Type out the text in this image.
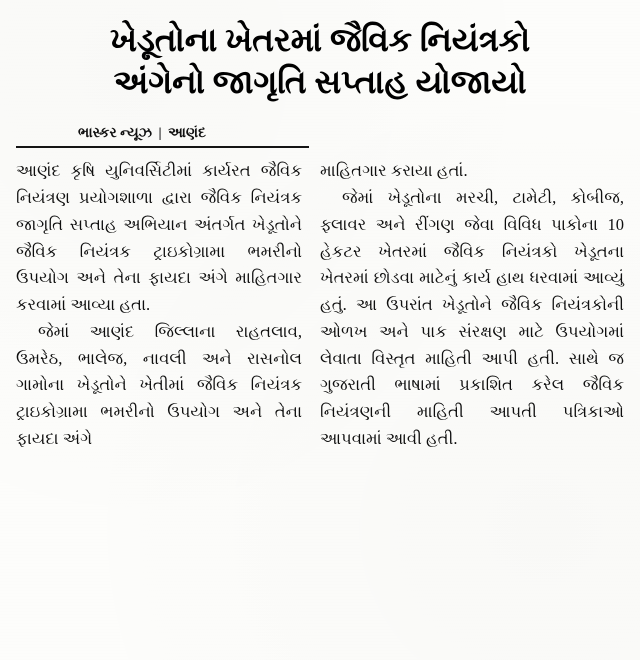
ખેડૂતોના ખેતરમાં જૈવિક નિયંત્રકો
અંગેનો જાગૃતિ સપ્તાહ યોજાયો
ભાસ્કર ન્યૂઝ | આણંદ

આણંદ કૃષિ યુનિવર્સિટીમાં કાર્યરત જૈવિક નિયંત્રણ પ્રયોગશાળા દ્વારા જૈવિક નિયંત્રક જાગૃતિ સપ્તાહ અભિયાન અંતર્ગત ખેડૂતોને જૈવિક નિયંત્રક ટ્રાઇકોગ્રામા ભમરીનો ઉપયોગ અને તેના ફાયદા અંગે માહિતગાર કરવામાં આવ્યા હતા.

જેમાં આણંદ જિલ્લાના રાહતલાવ, ઉમરેઠ, ભાલેજ, નાવલી અને રાસનોલ ગામોના ખેડૂતોને ખેતીમાં જૈવિક નિયંત્રક ટ્રાઇકોગ્રામા ભમરીનો ઉપયોગ અને તેના ફાયદા અંગે

માહિતગાર કરાયા હતાં.

જેમાં ખેડૂતોના મરચી, ટામેટી, કોબીજ, ફ્લાવર અને રીંગણ જેવા વિવિધ પાકોના 10 હેકટર ખેતરમાં જૈવિક નિયંત્રકો ખેડૂતના ખેતરમાં છોડવા માટેનું કાર્ય હાથ ધરવામાં આવ્યું હતું. આ ઉપરાંત ખેડૂતોને જૈવિક નિયંત્રકોની ઓળખ અને પાક સંરક્ષણ માટે ઉપયોગમાં લેવાતા વિસ્તૃત માહિતી આપી હતી. સાથે જ ગુજરાતી ભાષામાં પ્રકાશિત કરેલ જૈવિક નિયંત્રણની માહિતી આપતી પત્રિકાઓ આપવામાં આવી હતી.
